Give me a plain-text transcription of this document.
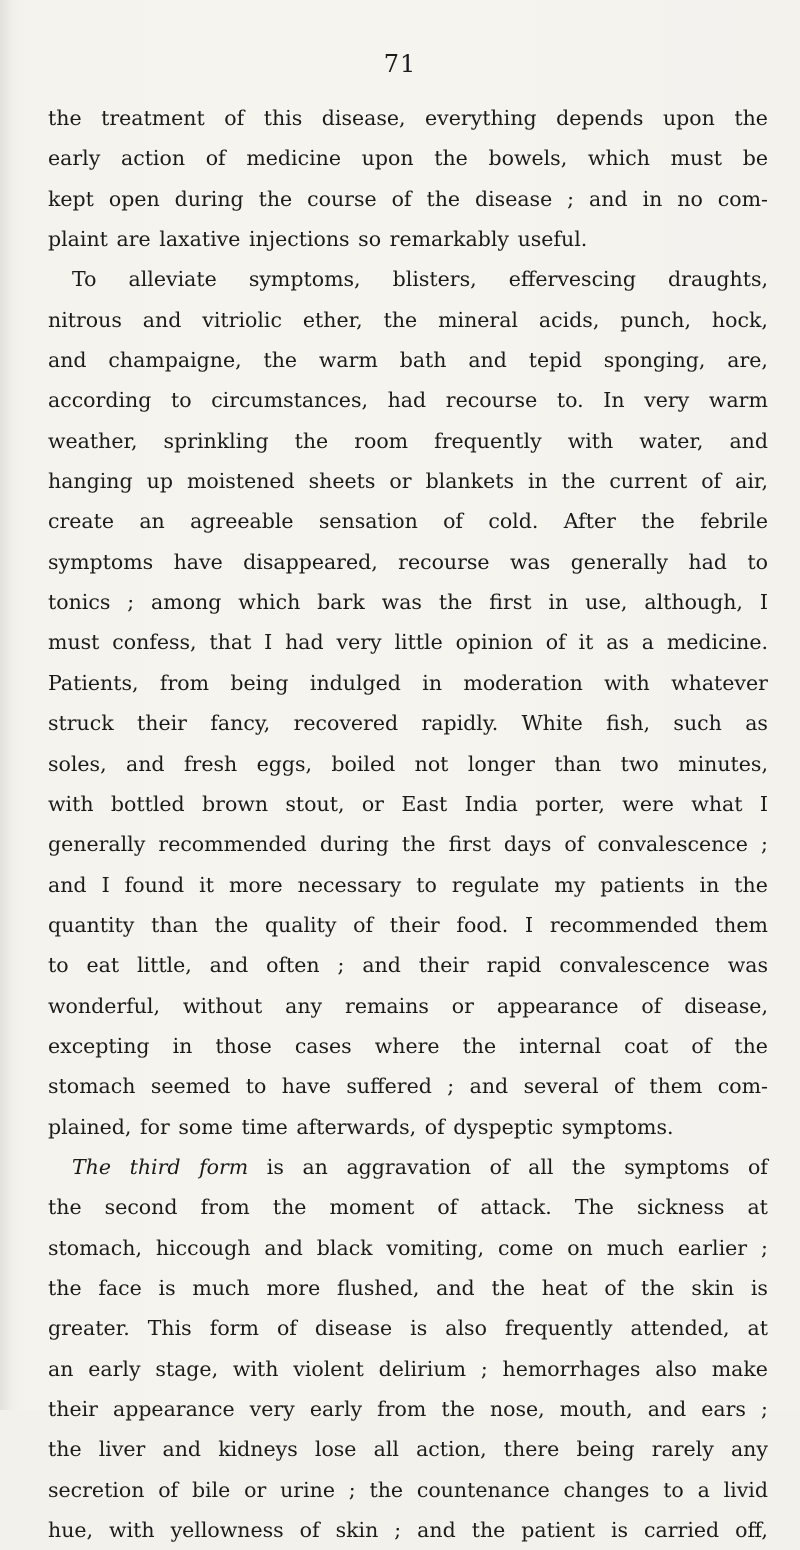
71
the treatment of this disease, everything depends upon the
early action of medicine upon the bowels, which must be
kept open during the course of the disease ; and in no com-
plaint are laxative injections so remarkably useful.
To alleviate symptoms, blisters, effervescing draughts,
nitrous and vitriolic ether, the mineral acids, punch, hock,
and champaigne, the warm bath and tepid sponging, are,
according to circumstances, had recourse to. In very warm
weather, sprinkling the room frequently with water, and
hanging up moistened sheets or blankets in the current of air,
create an agreeable sensation of cold. After the febrile
symptoms have disappeared, recourse was generally had to
tonics ; among which bark was the first in use, although, I
must confess, that I had very little opinion of it as a medicine.
Patients, from being indulged in moderation with whatever
struck their fancy, recovered rapidly. White fish, such as
soles, and fresh eggs, boiled not longer than two minutes,
with bottled brown stout, or East India porter, were what I
generally recommended during the first days of convalescence ;
and I found it more necessary to regulate my patients in the
quantity than the quality of their food. I recommended them
to eat little, and often ; and their rapid convalescence was
wonderful, without any remains or appearance of disease,
excepting in those cases where the internal coat of the
stomach seemed to have suffered ; and several of them com-
plained, for some time afterwards, of dyspeptic symptoms.
The third form is an aggravation of all the symptoms of
the second from the moment of attack. The sickness at
stomach, hiccough and black vomiting, come on much earlier ;
the face is much more flushed, and the heat of the skin is
greater. This form of disease is also frequently attended, at
an early stage, with violent delirium ; hemorrhages also make
their appearance very early from the nose, mouth, and ears ;
the liver and kidneys lose all action, there being rarely any
secretion of bile or urine ; the countenance changes to a livid
hue, with yellowness of skin ; and the patient is carried off,
